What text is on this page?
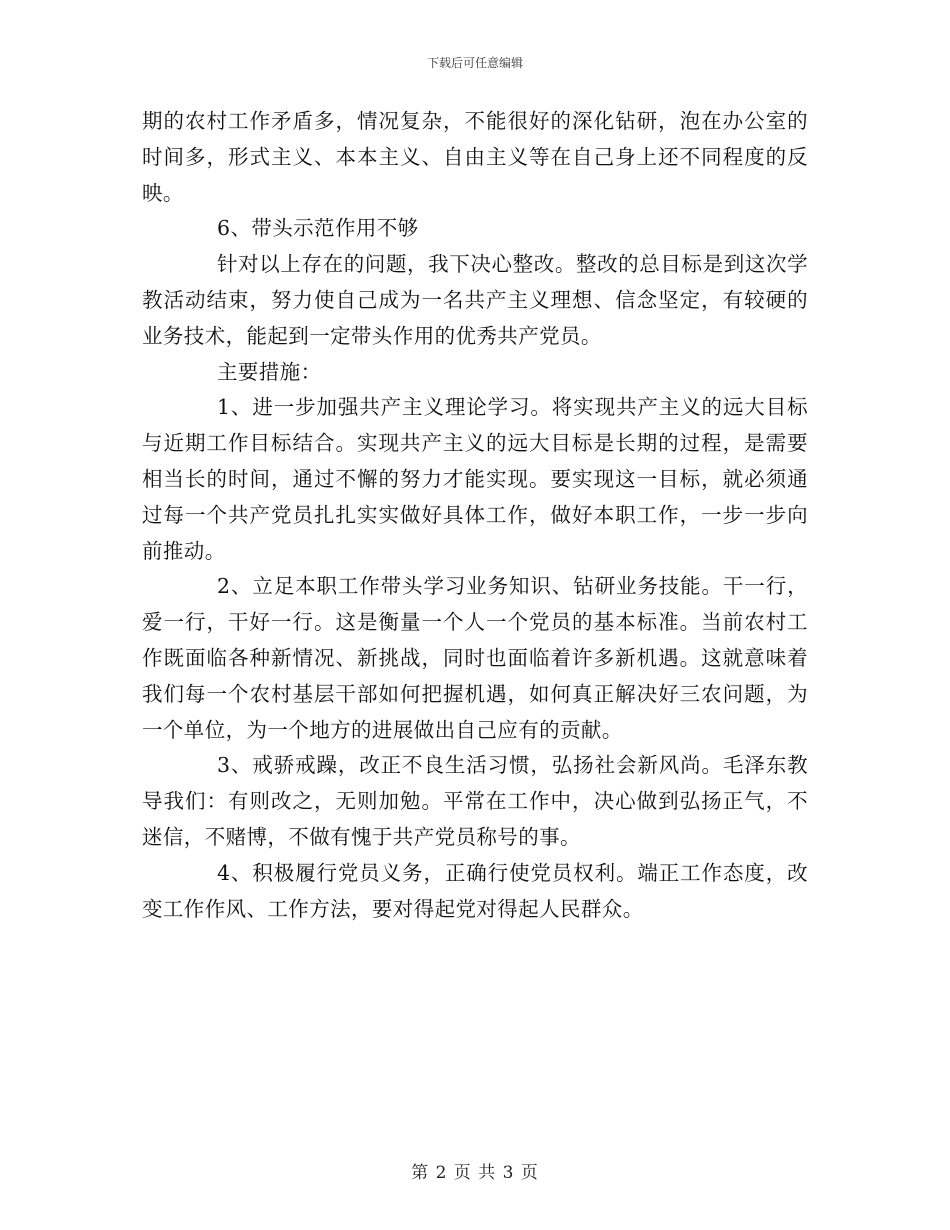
下载后可任意编辑

期的农村工作矛盾多，情况复杂，不能很好的深化钻研，泡在办公室的时间多，形式主义、本本主义、自由主义等在自己身上还不同程度的反映。

6、带头示范作用不够

针对以上存在的问题，我下决心整改。整改的总目标是到这次学教活动结束，努力使自己成为一名共产主义理想、信念坚定，有较硬的业务技术，能起到一定带头作用的优秀共产党员。

主要措施：

1、进一步加强共产主义理论学习。将实现共产主义的远大目标与近期工作目标结合。实现共产主义的远大目标是长期的过程，是需要相当长的时间，通过不懈的努力才能实现。要实现这一目标，就必须通过每一个共产党员扎扎实实做好具体工作，做好本职工作，一步一步向前推动。

2、立足本职工作带头学习业务知识、钻研业务技能。干一行，爱一行，干好一行。这是衡量一个人一个党员的基本标准。当前农村工作既面临各种新情况、新挑战，同时也面临着许多新机遇。这就意味着我们每一个农村基层干部如何把握机遇，如何真正解决好三农问题，为一个单位，为一个地方的进展做出自己应有的贡献。

3、戒骄戒躁，改正不良生活习惯，弘扬社会新风尚。毛泽东教导我们：有则改之，无则加勉。平常在工作中，决心做到弘扬正气，不迷信，不赌博，不做有愧于共产党员称号的事。

4、积极履行党员义务，正确行使党员权利。端正工作态度，改变工作作风、工作方法，要对得起党对得起人民群众。

第 2 页 共 3 页
